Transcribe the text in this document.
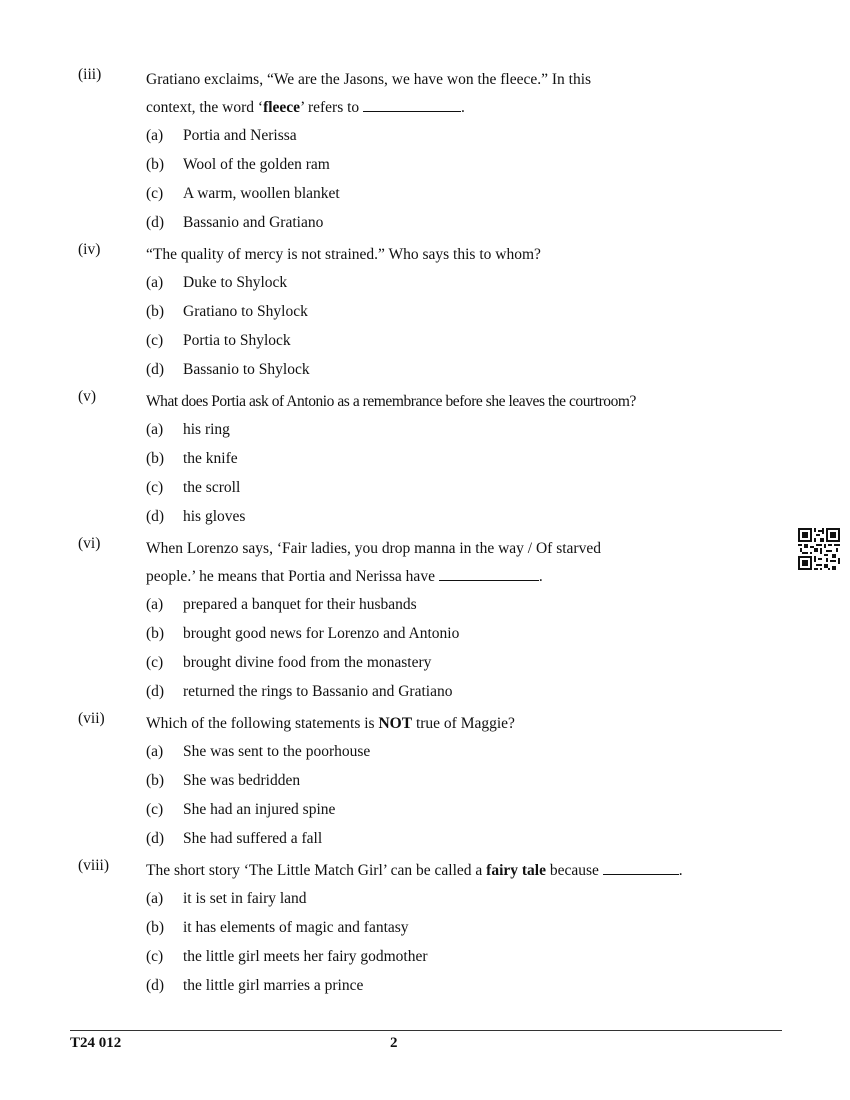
(iii)	Gratiano exclaims, “We are the Jasons, we have won the fleece.” In this
context, the word ‘fleece’ refers to	.
(a) Portia and Nerissa
(b) Wool of the golden ram
(c) A warm, woollen blanket
(d) Bassanio and Gratiano
(iv)	“The quality of mercy is not strained.” Who says this to whom?
(a) Duke to Shylock
(b) Gratiano to Shylock
(c) Portia to Shylock
(d) Bassanio to Shylock
(v)	What does Portia ask of Antonio as a remembrance before she leaves the courtroom?
(a) his ring
(b) the knife
(c) the scroll
(d) his gloves
(vi)	When Lorenzo says, ‘Fair ladies, you drop manna in the way / Of starved
people.’ he means that Portia and Nerissa have	.
(a) prepared a banquet for their husbands
(b) brought good news for Lorenzo and Antonio
(c) brought divine food from the monastery
(d) returned the rings to Bassanio and Gratiano
(vii)	Which of the following statements is NOT true of Maggie?
(a) She was sent to the poorhouse
(b) She was bedridden
(c) She had an injured spine
(d) She had suffered a fall
(viii)	The short story ‘The Little Match Girl’ can be called a fairy tale because	.
(a) it is set in fairy land
(b) it has elements of magic and fantasy
(c) the little girl meets her fairy godmother
(d) the little girl marries a prince
T24 012	2
